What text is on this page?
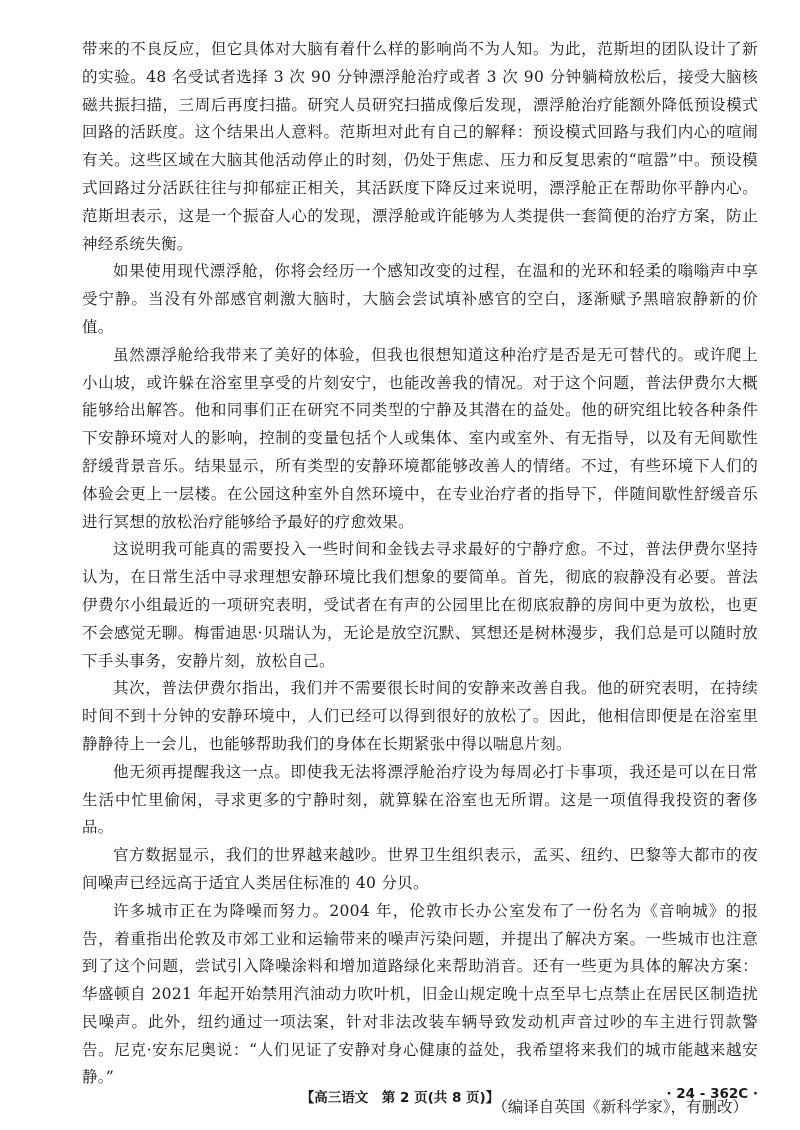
带来的不良反应，但它具体对大脑有着什么样的影响尚不为人知。为此，范斯坦的团队设计了新的实验。48 名受试者选择 3 次 90 分钟漂浮舱治疗或者 3 次 90 分钟躺椅放松后，接受大脑核磁共振扫描，三周后再度扫描。研究人员研究扫描成像后发现，漂浮舱治疗能额外降低预设模式回路的活跃度。这个结果出人意料。范斯坦对此有自己的解释：预设模式回路与我们内心的喧闹有关。这些区域在大脑其他活动停止的时刻，仍处于焦虑、压力和反复思索的“喧嚣”中。预设模式回路过分活跃往往与抑郁症正相关，其活跃度下降反过来说明，漂浮舱正在帮助你平静内心。范斯坦表示，这是一个振奋人心的发现，漂浮舱或许能够为人类提供一套简便的治疗方案，防止神经系统失衡。

如果使用现代漂浮舱，你将会经历一个感知改变的过程，在温和的光环和轻柔的嗡嗡声中享受宁静。当没有外部感官刺激大脑时，大脑会尝试填补感官的空白，逐渐赋予黑暗寂静新的价值。

虽然漂浮舱给我带来了美好的体验，但我也很想知道这种治疗是否是无可替代的。或许爬上小山坡，或许躲在浴室里享受的片刻安宁，也能改善我的情况。对于这个问题，普法伊费尔大概能够给出解答。他和同事们正在研究不同类型的宁静及其潜在的益处。他的研究组比较各种条件下安静环境对人的影响，控制的变量包括个人或集体、室内或室外、有无指导，以及有无间歇性舒缓背景音乐。结果显示，所有类型的安静环境都能够改善人的情绪。不过，有些环境下人们的体验会更上一层楼。在公园这种室外自然环境中，在专业治疗者的指导下，伴随间歇性舒缓音乐进行冥想的放松治疗能够给予最好的疗愈效果。

这说明我可能真的需要投入一些时间和金钱去寻求最好的宁静疗愈。不过，普法伊费尔坚持认为，在日常生活中寻求理想安静环境比我们想象的要简单。首先，彻底的寂静没有必要。普法伊费尔小组最近的一项研究表明，受试者在有声的公园里比在彻底寂静的房间中更为放松，也更不会感觉无聊。梅雷迪思·贝瑞认为，无论是放空沉默、冥想还是树林漫步，我们总是可以随时放下手头事务，安静片刻，放松自己。

其次，普法伊费尔指出，我们并不需要很长时间的安静来改善自我。他的研究表明，在持续时间不到十分钟的安静环境中，人们已经可以得到很好的放松了。因此，他相信即便是在浴室里静静待上一会儿，也能够帮助我们的身体在长期紧张中得以喘息片刻。

他无须再提醒我这一点。即使我无法将漂浮舱治疗设为每周必打卡事项，我还是可以在日常生活中忙里偷闲，寻求更多的宁静时刻，就算躲在浴室也无所谓。这是一项值得我投资的奢侈品。

官方数据显示，我们的世界越来越吵。世界卫生组织表示，孟买、纽约、巴黎等大都市的夜间噪声已经远高于适宜人类居住标准的 40 分贝。

许多城市正在为降噪而努力。2004 年，伦敦市长办公室发布了一份名为《音响城》的报告，着重指出伦敦及市郊工业和运输带来的噪声污染问题，并提出了解决方案。一些城市也注意到了这个问题，尝试引入降噪涂料和增加道路绿化来帮助消音。还有一些更为具体的解决方案：华盛顿自 2021 年起开始禁用汽油动力吹叶机，旧金山规定晚十点至早七点禁止在居民区制造扰民噪声。此外，纽约通过一项法案，针对非法改装车辆导致发动机声音过吵的车主进行罚款警告。尼克·安东尼奥说：“人们见证了安静对身心健康的益处，我希望将来我们的城市能越来越安静。”

（编译自英国《新科学家》，有删改）

【高三语文　第 2 页(共 8 页)】	· 24 - 362C ·
